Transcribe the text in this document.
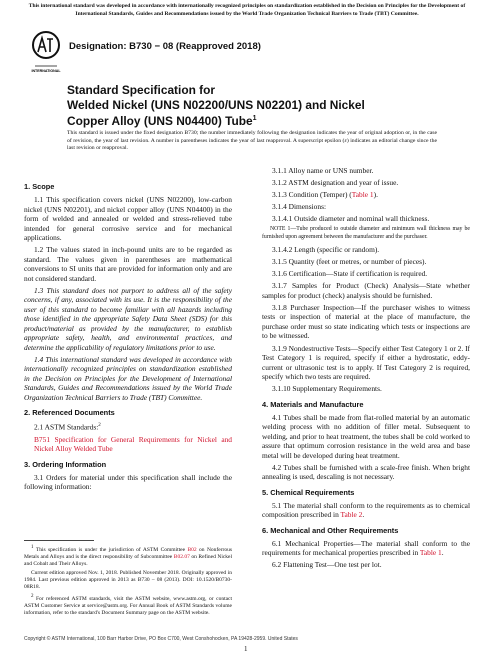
This international standard was developed in accordance with internationally recognized principles on standardization established in the Decision on Principles for the Development of International Standards, Guides and Recommendations issued by the World Trade Organization Technical Barriers to Trade (TBT) Committee.
INTERNATIONAL
Designation: B730 − 08 (Reapproved 2018)
Standard Specification for
Welded Nickel (UNS N02200/UNS N02201) and Nickel
Copper Alloy (UNS N04400) Tube$^1$
This standard is issued under the fixed designation B730; the number immediately following the designation indicates the year of original adoption or, in the case of revision, the year of last revision. A number in parentheses indicates the year of last reapproval. A superscript epsilon (ε) indicates an editorial change since the last revision or reapproval.
1. Scope

1.1 This specification covers nickel (UNS N02200), low-carbon nickel (UNS N02201), and nickel copper alloy (UNS N04400) in the form of welded and annealed or welded and stress-relieved tube intended for general corrosive service and for mechanical applications.

1.2 The values stated in inch-pound units are to be regarded as standard. The values given in parentheses are mathematical conversions to SI units that are provided for information only and are not considered standard.

1.3 This standard does not purport to address all of the safety concerns, if any, associated with its use. It is the responsibility of the user of this standard to become familiar with all hazards including those identified in the appropriate Safety Data Sheet (SDS) for this product/material as provided by the manufacturer, to establish appropriate safety, health, and environmental practices, and determine the applicability of regulatory limitations prior to use.

1.4 This international standard was developed in accordance with internationally recognized principles on standardization established in the Decision on Principles for the Development of International Standards, Guides and Recommendations issued by the World Trade Organization Technical Barriers to Trade (TBT) Committee.

2. Referenced Documents

2.1 ASTM Standards:$^2$

B751 Specification for General Requirements for Nickel and Nickel Alloy Welded Tube

3. Ordering Information

3.1 Orders for material under this specification shall include the following information:

$^1$ This specification is under the jurisdiction of ASTM Committee B02 on Nonferrous Metals and Alloys and is the direct responsibility of Subcommittee B02.07 on Refined Nickel and Cobalt and Their Alloys.

Current edition approved Nov. 1, 2018. Published November 2018. Originally approved in 1984. Last previous edition approved in 2013 as B730 – 08 (2013). DOI: 10.1520/B0730-08R18.

$^2$ For referenced ASTM standards, visit the ASTM website, www.astm.org, or contact ASTM Customer Service at service@astm.org. For Annual Book of ASTM Standards volume information, refer to the standard's Document Summary page on the ASTM website.

3.1.1 Alloy name or UNS number.

3.1.2 ASTM designation and year of issue.

3.1.3 Condition (Temper) (Table 1).

3.1.4 Dimensions:

3.1.4.1 Outside diameter and nominal wall thickness.

NOTE 1—Tube produced to outside diameter and minimum wall thickness may be furnished upon agreement between the manufacturer and the purchaser.

3.1.4.2 Length (specific or random).

3.1.5 Quantity (feet or metres, or number of pieces).

3.1.6 Certification—State if certification is required.

3.1.7 Samples for Product (Check) Analysis—State whether samples for product (check) analysis should be furnished.

3.1.8 Purchaser Inspection—If the purchaser wishes to witness tests or inspection of material at the place of manufacture, the purchase order must so state indicating which tests or inspections are to be witnessed.

3.1.9 Nondestructive Tests—Specify either Test Category 1 or 2. If Test Category 1 is required, specify if either a hydrostatic, eddy-current or ultrasonic test is to apply. If Test Category 2 is required, specify which two tests are required.

3.1.10 Supplementary Requirements.

4. Materials and Manufacture

4.1 Tubes shall be made from flat-rolled material by an automatic welding process with no addition of filler metal. Subsequent to welding, and prior to heat treatment, the tubes shall be cold worked to assure that optimum corrosion resistance in the weld area and base metal will be developed during heat treatment.

4.2 Tubes shall be furnished with a scale-free finish. When bright annealing is used, descaling is not necessary.

5. Chemical Requirements

5.1 The material shall conform to the requirements as to chemical composition prescribed in Table 2.

6. Mechanical and Other Requirements

6.1 Mechanical Properties—The material shall conform to the requirements for mechanical properties prescribed in Table 1.

6.2 Flattening Test—One test per lot.

Copyright © ASTM International, 100 Barr Harbor Drive, PO Box C700, West Conshohocken, PA 19428-2959. United States
1
